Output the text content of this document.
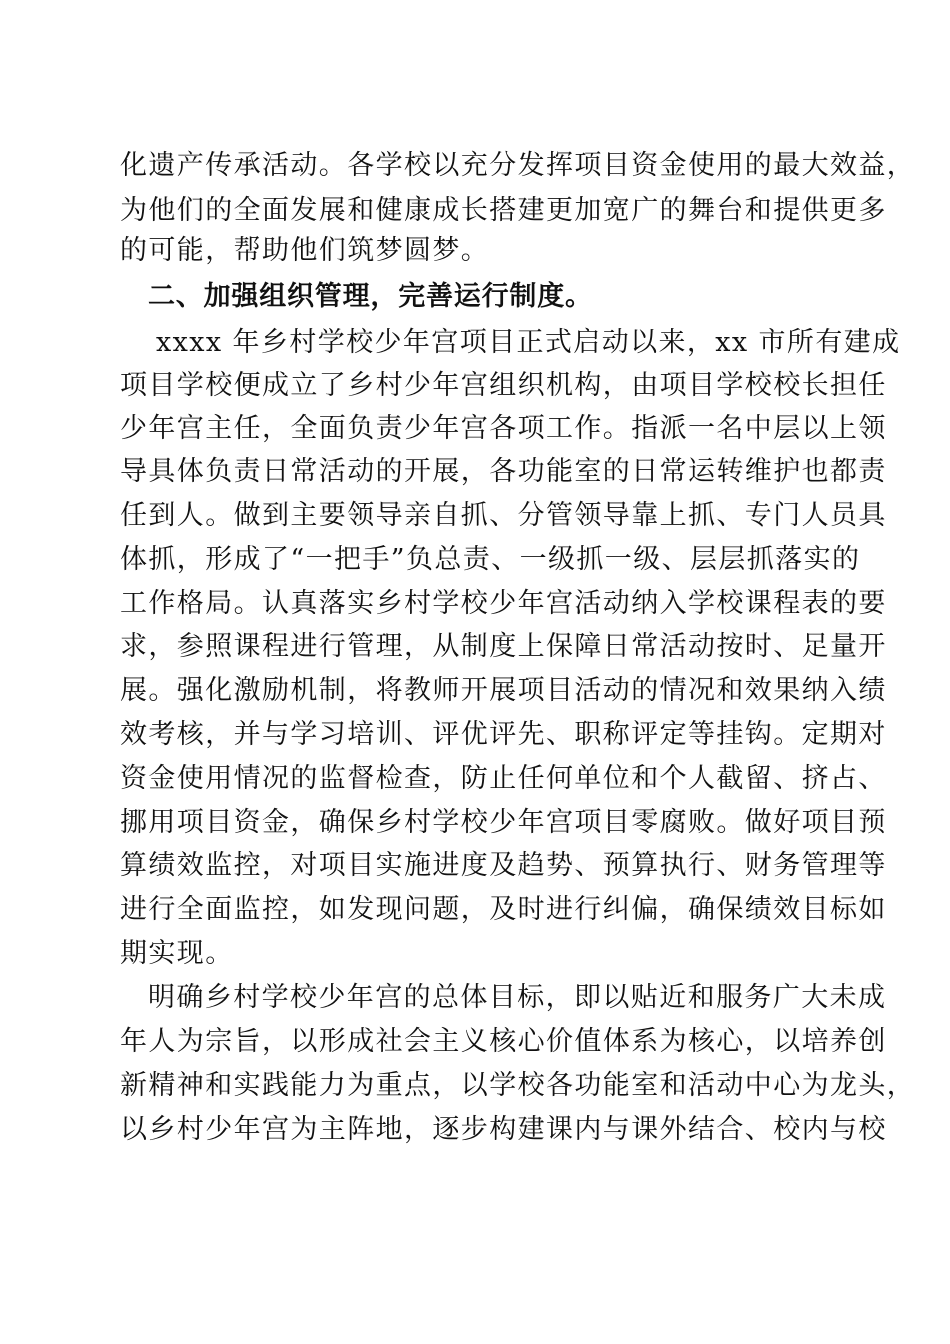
化遗产传承活动。各学校以充分发挥项目资金使用的最大效益，
为他们的全面发展和健康成长搭建更加宽广的舞台和提供更多
的可能，帮助他们筑梦圆梦。
二、加强组织管理，完善运行制度。
xxxx 年乡村学校少年宫项目正式启动以来，xx 市所有建成
项目学校便成立了乡村少年宫组织机构，由项目学校校长担任
少年宫主任，全面负责少年宫各项工作。指派一名中层以上领
导具体负责日常活动的开展，各功能室的日常运转维护也都责
任到人。做到主要领导亲自抓、分管领导靠上抓、专门人员具
体抓，形成了“一把手”负总责、一级抓一级、层层抓落实的
工作格局。认真落实乡村学校少年宫活动纳入学校课程表的要
求，参照课程进行管理，从制度上保障日常活动按时、足量开
展。强化激励机制，将教师开展项目活动的情况和效果纳入绩
效考核，并与学习培训、评优评先、职称评定等挂钩。定期对
资金使用情况的监督检查，防止任何单位和个人截留、挤占、
挪用项目资金，确保乡村学校少年宫项目零腐败。做好项目预
算绩效监控，对项目实施进度及趋势、预算执行、财务管理等
进行全面监控，如发现问题，及时进行纠偏，确保绩效目标如
期实现。
明确乡村学校少年宫的总体目标，即以贴近和服务广大未成
年人为宗旨，以形成社会主义核心价值体系为核心，以培养创
新精神和实践能力为重点，以学校各功能室和活动中心为龙头，
以乡村少年宫为主阵地，逐步构建课内与课外结合、校内与校
